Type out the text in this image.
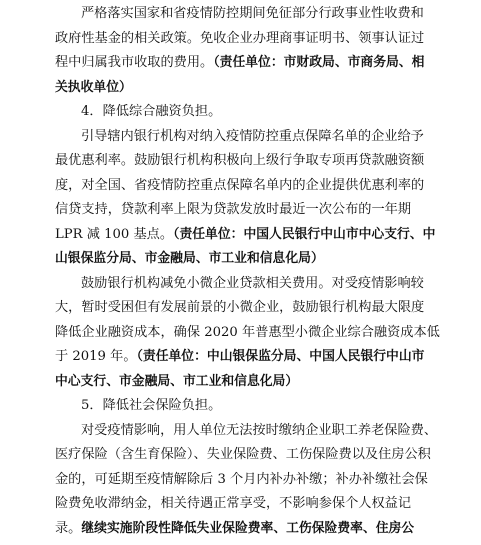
严格落实国家和省疫情防控期间免征部分行政事业性收费和
政府性基金的相关政策。免收企业办理商事证明书、领事认证过
程中归属我市收取的费用。（责任单位：市财政局、市商务局、相
关执收单位）
4．降低综合融资负担。
引导辖内银行机构对纳入疫情防控重点保障名单的企业给予
最优惠利率。鼓励银行机构积极向上级行争取专项再贷款融资额
度，对全国、省疫情防控重点保障名单内的企业提供优惠利率的
信贷支持，贷款利率上限为贷款发放时最近一次公布的一年期
LPR 减 100 基点。（责任单位：中国人民银行中山市中心支行、中
山银保监分局、市金融局、市工业和信息化局）
鼓励银行机构减免小微企业贷款相关费用。对受疫情影响较
大，暂时受困但有发展前景的小微企业，鼓励银行机构最大限度
降低企业融资成本，确保 2020 年普惠型小微企业综合融资成本低
于 2019 年。（责任单位：中山银保监分局、中国人民银行中山市
中心支行、市金融局、市工业和信息化局）
5．降低社会保险负担。
对受疫情影响，用人单位无法按时缴纳企业职工养老保险费、
医疗保险（含生育保险）、失业保险费、工伤保险费以及住房公积
金的，可延期至疫情解除后 3 个月内补办补缴；补办补缴社会保
险费免收滞纳金，相关待遇正常享受，不影响参保个人权益记
录。继续实施阶段性降低失业保险费率、工伤保险费率、住房公
